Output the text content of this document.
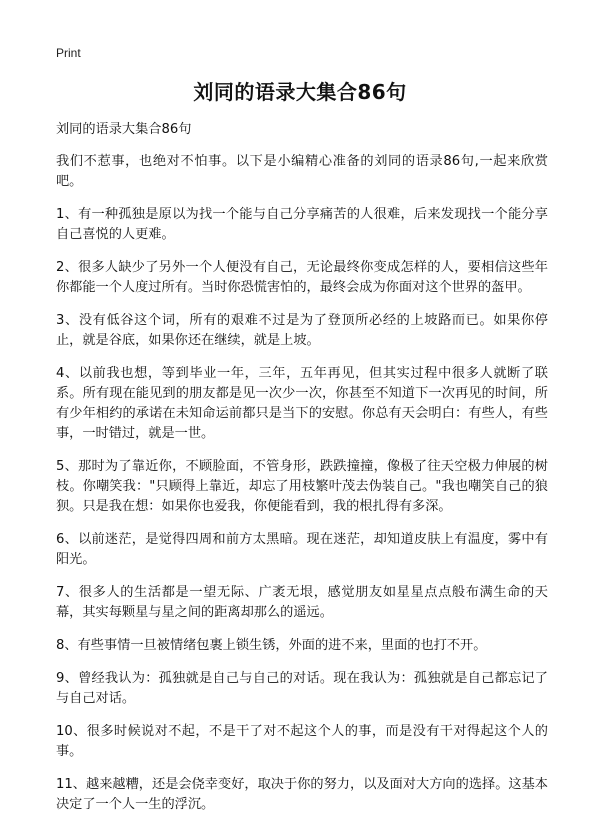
Print
刘同的语录大集合86句

刘同的语录大集合86句

我们不惹事，也绝对不怕事。以下是小编精心准备的刘同的语录86句,一起来欣赏吧。

1、有一种孤独是原以为找一个能与自己分享痛苦的人很难，后来发现找一个能分享自己喜悦的人更难。

2、很多人缺少了另外一个人便没有自己，无论最终你变成怎样的人，要相信这些年你都能一个人度过所有。当时你恐慌害怕的，最终会成为你面对这个世界的盔甲。

3、没有低谷这个词，所有的艰难不过是为了登顶所必经的上坡路而已。如果你停止，就是谷底，如果你还在继续，就是上坡。

4、以前我也想，等到毕业一年，三年，五年再见，但其实过程中很多人就断了联系。所有现在能见到的朋友都是见一次少一次，你甚至不知道下一次再见的时间，所有少年相约的承诺在未知命运前都只是当下的安慰。你总有天会明白：有些人，有些事，一时错过，就是一世。

5、那时为了靠近你，不顾脸面，不管身形，跌跌撞撞，像极了往天空极力伸展的树枝。你嘲笑我："只顾得上靠近，却忘了用枝繁叶茂去伪装自己。"我也嘲笑自己的狼狈。只是我在想：如果你也爱我，你便能看到，我的根扎得有多深。

6、以前迷茫，是觉得四周和前方太黑暗。现在迷茫，却知道皮肤上有温度，雾中有阳光。

7、很多人的生活都是一望无际、广袤无垠，感觉朋友如星星点点般布满生命的天幕，其实每颗星与星之间的距离却那么的遥远。

8、有些事情一旦被情绪包裹上锁生锈，外面的进不来，里面的也打不开。

9、曾经我认为：孤独就是自己与自己的对话。现在我认为：孤独就是自己都忘记了与自己对话。

10、很多时候说对不起，不是干了对不起这个人的事，而是没有干对得起这个人的事。

11、越来越糟，还是会侥幸变好，取决于你的努力，以及面对大方向的选择。这基本决定了一个人一生的浮沉。
